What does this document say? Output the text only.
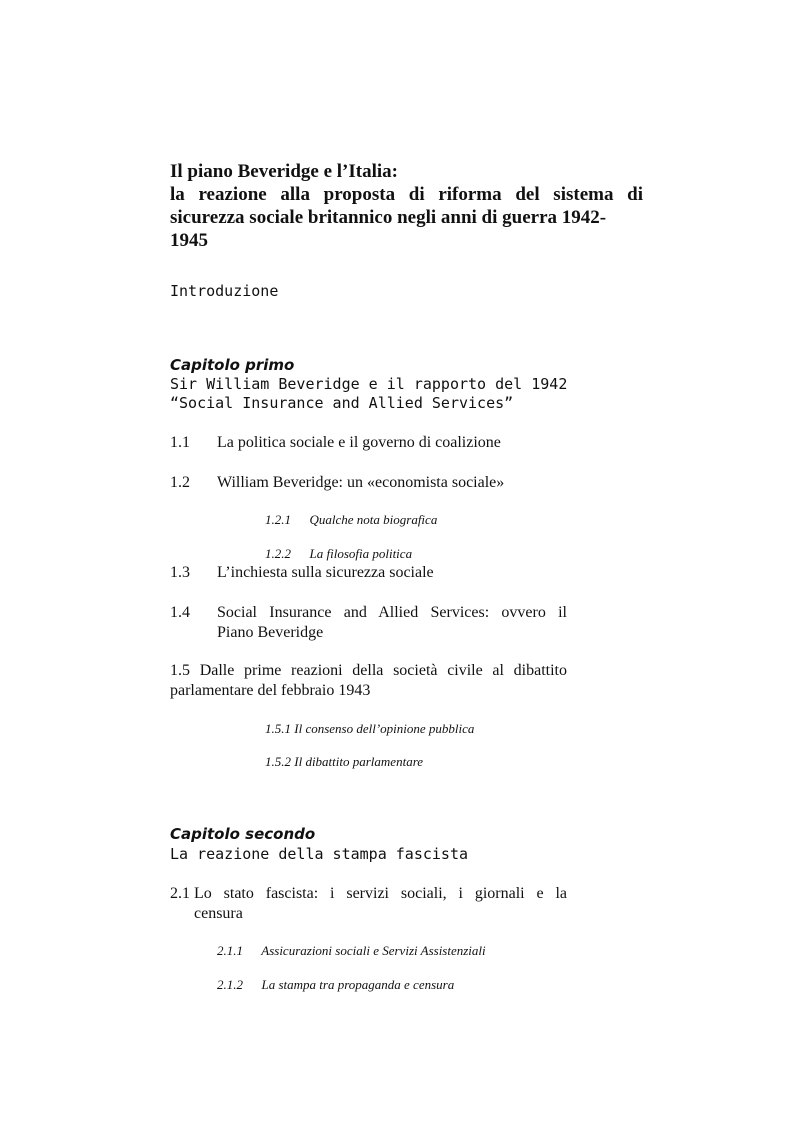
Il piano Beveridge e l’Italia:
la reazione alla proposta di riforma del sistema di
sicurezza sociale britannico negli anni di guerra 1942-1945
Introduzione
Capitolo primo
Sir William Beveridge e il rapporto del 1942
“Social Insurance and Allied Services”
1.1 La politica sociale e il governo di coalizione
1.2 William Beveridge: un «economista sociale»
1.2.1 Qualche nota biografica
1.2.2 La filosofia politica
1.3 L’inchiesta sulla sicurezza sociale
1.4 Social Insurance and Allied Services: ovvero il
Piano Beveridge
1.5 Dalle prime reazioni della società civile al dibattito
parlamentare del febbraio 1943
1.5.1 Il consenso dell’opinione pubblica
1.5.2 Il dibattito parlamentare
Capitolo secondo
La reazione della stampa fascista
2.1 Lo stato fascista: i servizi sociali, i giornali e la
censura
2.1.1 Assicurazioni sociali e Servizi Assistenziali
2.1.2 La stampa tra propaganda e censura
